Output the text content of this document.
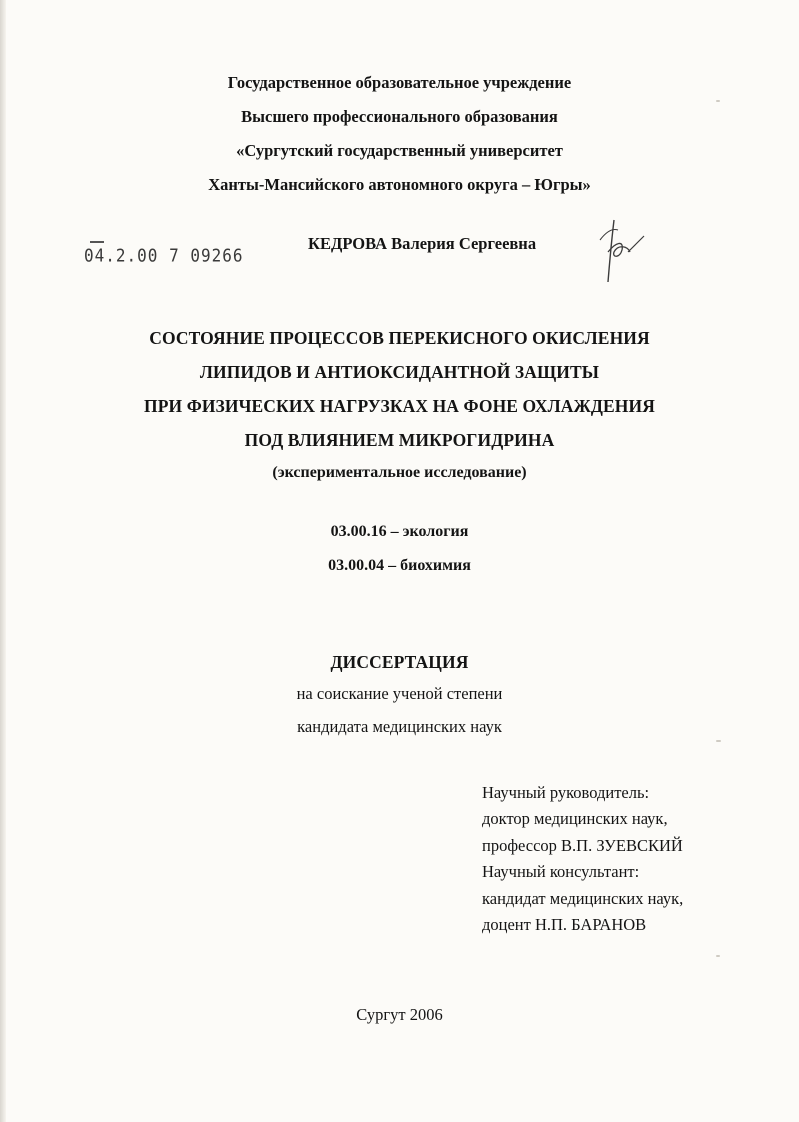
Государственное образовательное учреждение
Высшего профессионального образования
«Сургутский государственный университет
Ханты-Мансийского автономного округа – Югры»
04.2.00 7 09266
КЕДРОВА Валерия Сергеевна
СОСТОЯНИЕ ПРОЦЕССОВ ПЕРЕКИСНОГО ОКИСЛЕНИЯ
ЛИПИДОВ И АНТИОКСИДАНТНОЙ ЗАЩИТЫ
ПРИ ФИЗИЧЕСКИХ НАГРУЗКАХ НА ФОНЕ ОХЛАЖДЕНИЯ
ПОД ВЛИЯНИЕМ МИКРОГИДРИНА
(экспериментальное исследование)
03.00.16 – экология
03.00.04 – биохимия
ДИССЕРТАЦИЯ
на соискание ученой степени
кандидата медицинских наук
Научный руководитель:
доктор медицинских наук,
профессор В.П. ЗУЕВСКИЙ
Научный консультант:
кандидат медицинских наук,
доцент Н.П. БАРАНОВ
Сургут 2006
